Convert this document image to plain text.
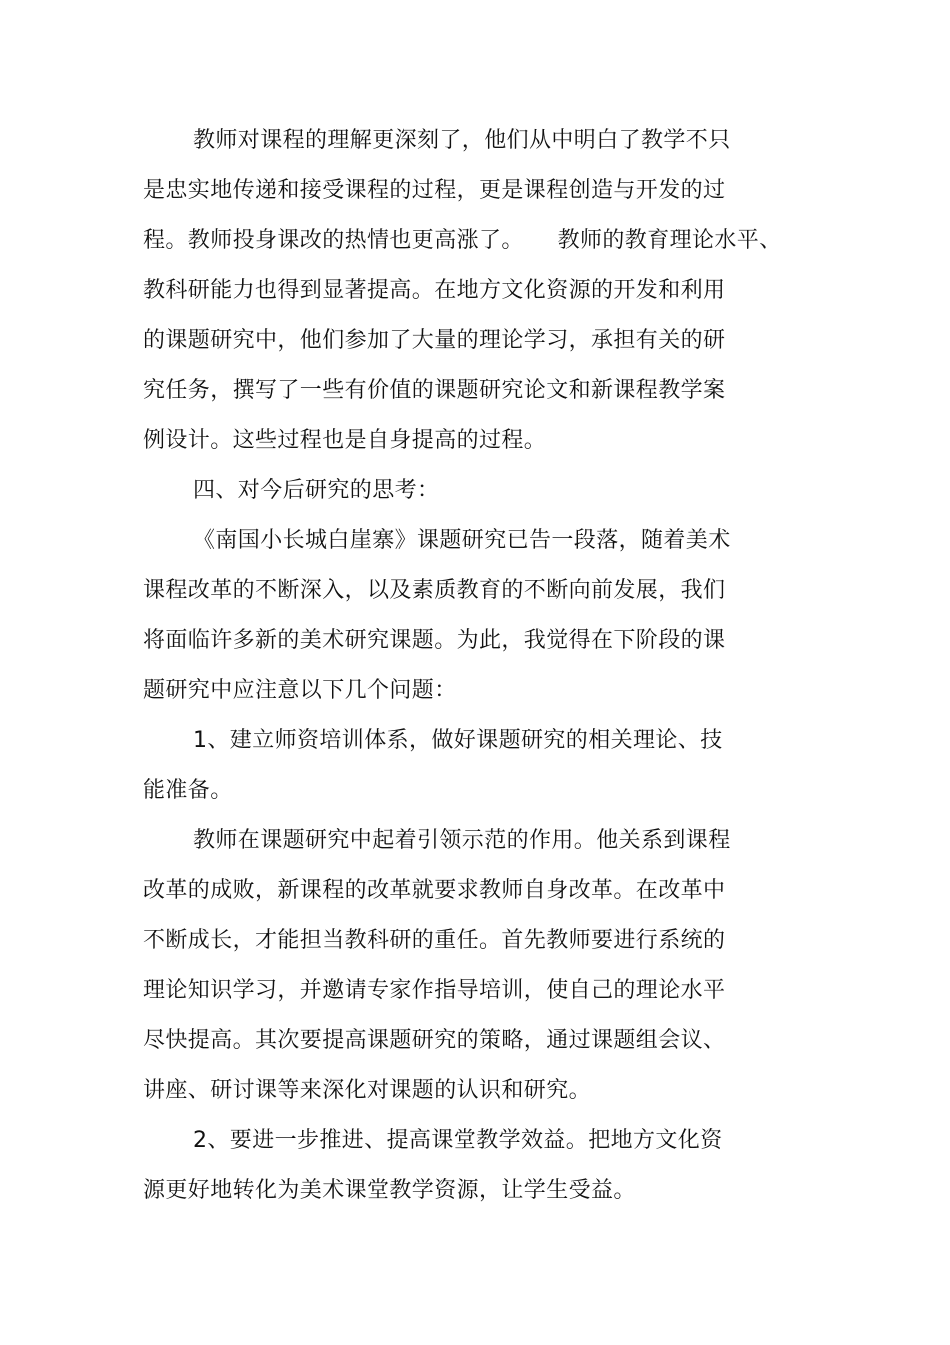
教师对课程的理解更深刻了，他们从中明白了教学不只
是忠实地传递和接受课程的过程，更是课程创造与开发的过
程。教师投身课改的热情也更高涨了。　　教师的教育理论水平、
教科研能力也得到显著提高。在地方文化资源的开发和利用
的课题研究中，他们参加了大量的理论学习，承担有关的研
究任务，撰写了一些有价值的课题研究论文和新课程教学案
例设计。这些过程也是自身提高的过程。
四、对今后研究的思考：
《南国小长城白崖寨》课题研究已告一段落，随着美术
课程改革的不断深入，以及素质教育的不断向前发展，我们
将面临许多新的美术研究课题。为此，我觉得在下阶段的课
题研究中应注意以下几个问题：
1、建立师资培训体系，做好课题研究的相关理论、技
能准备。
教师在课题研究中起着引领示范的作用。他关系到课程
改革的成败，新课程的改革就要求教师自身改革。在改革中
不断成长，才能担当教科研的重任。首先教师要进行系统的
理论知识学习，并邀请专家作指导培训，使自己的理论水平
尽快提高。其次要提高课题研究的策略，通过课题组会议、
讲座、研讨课等来深化对课题的认识和研究。
2、要进一步推进、提高课堂教学效益。把地方文化资
源更好地转化为美术课堂教学资源，让学生受益。
